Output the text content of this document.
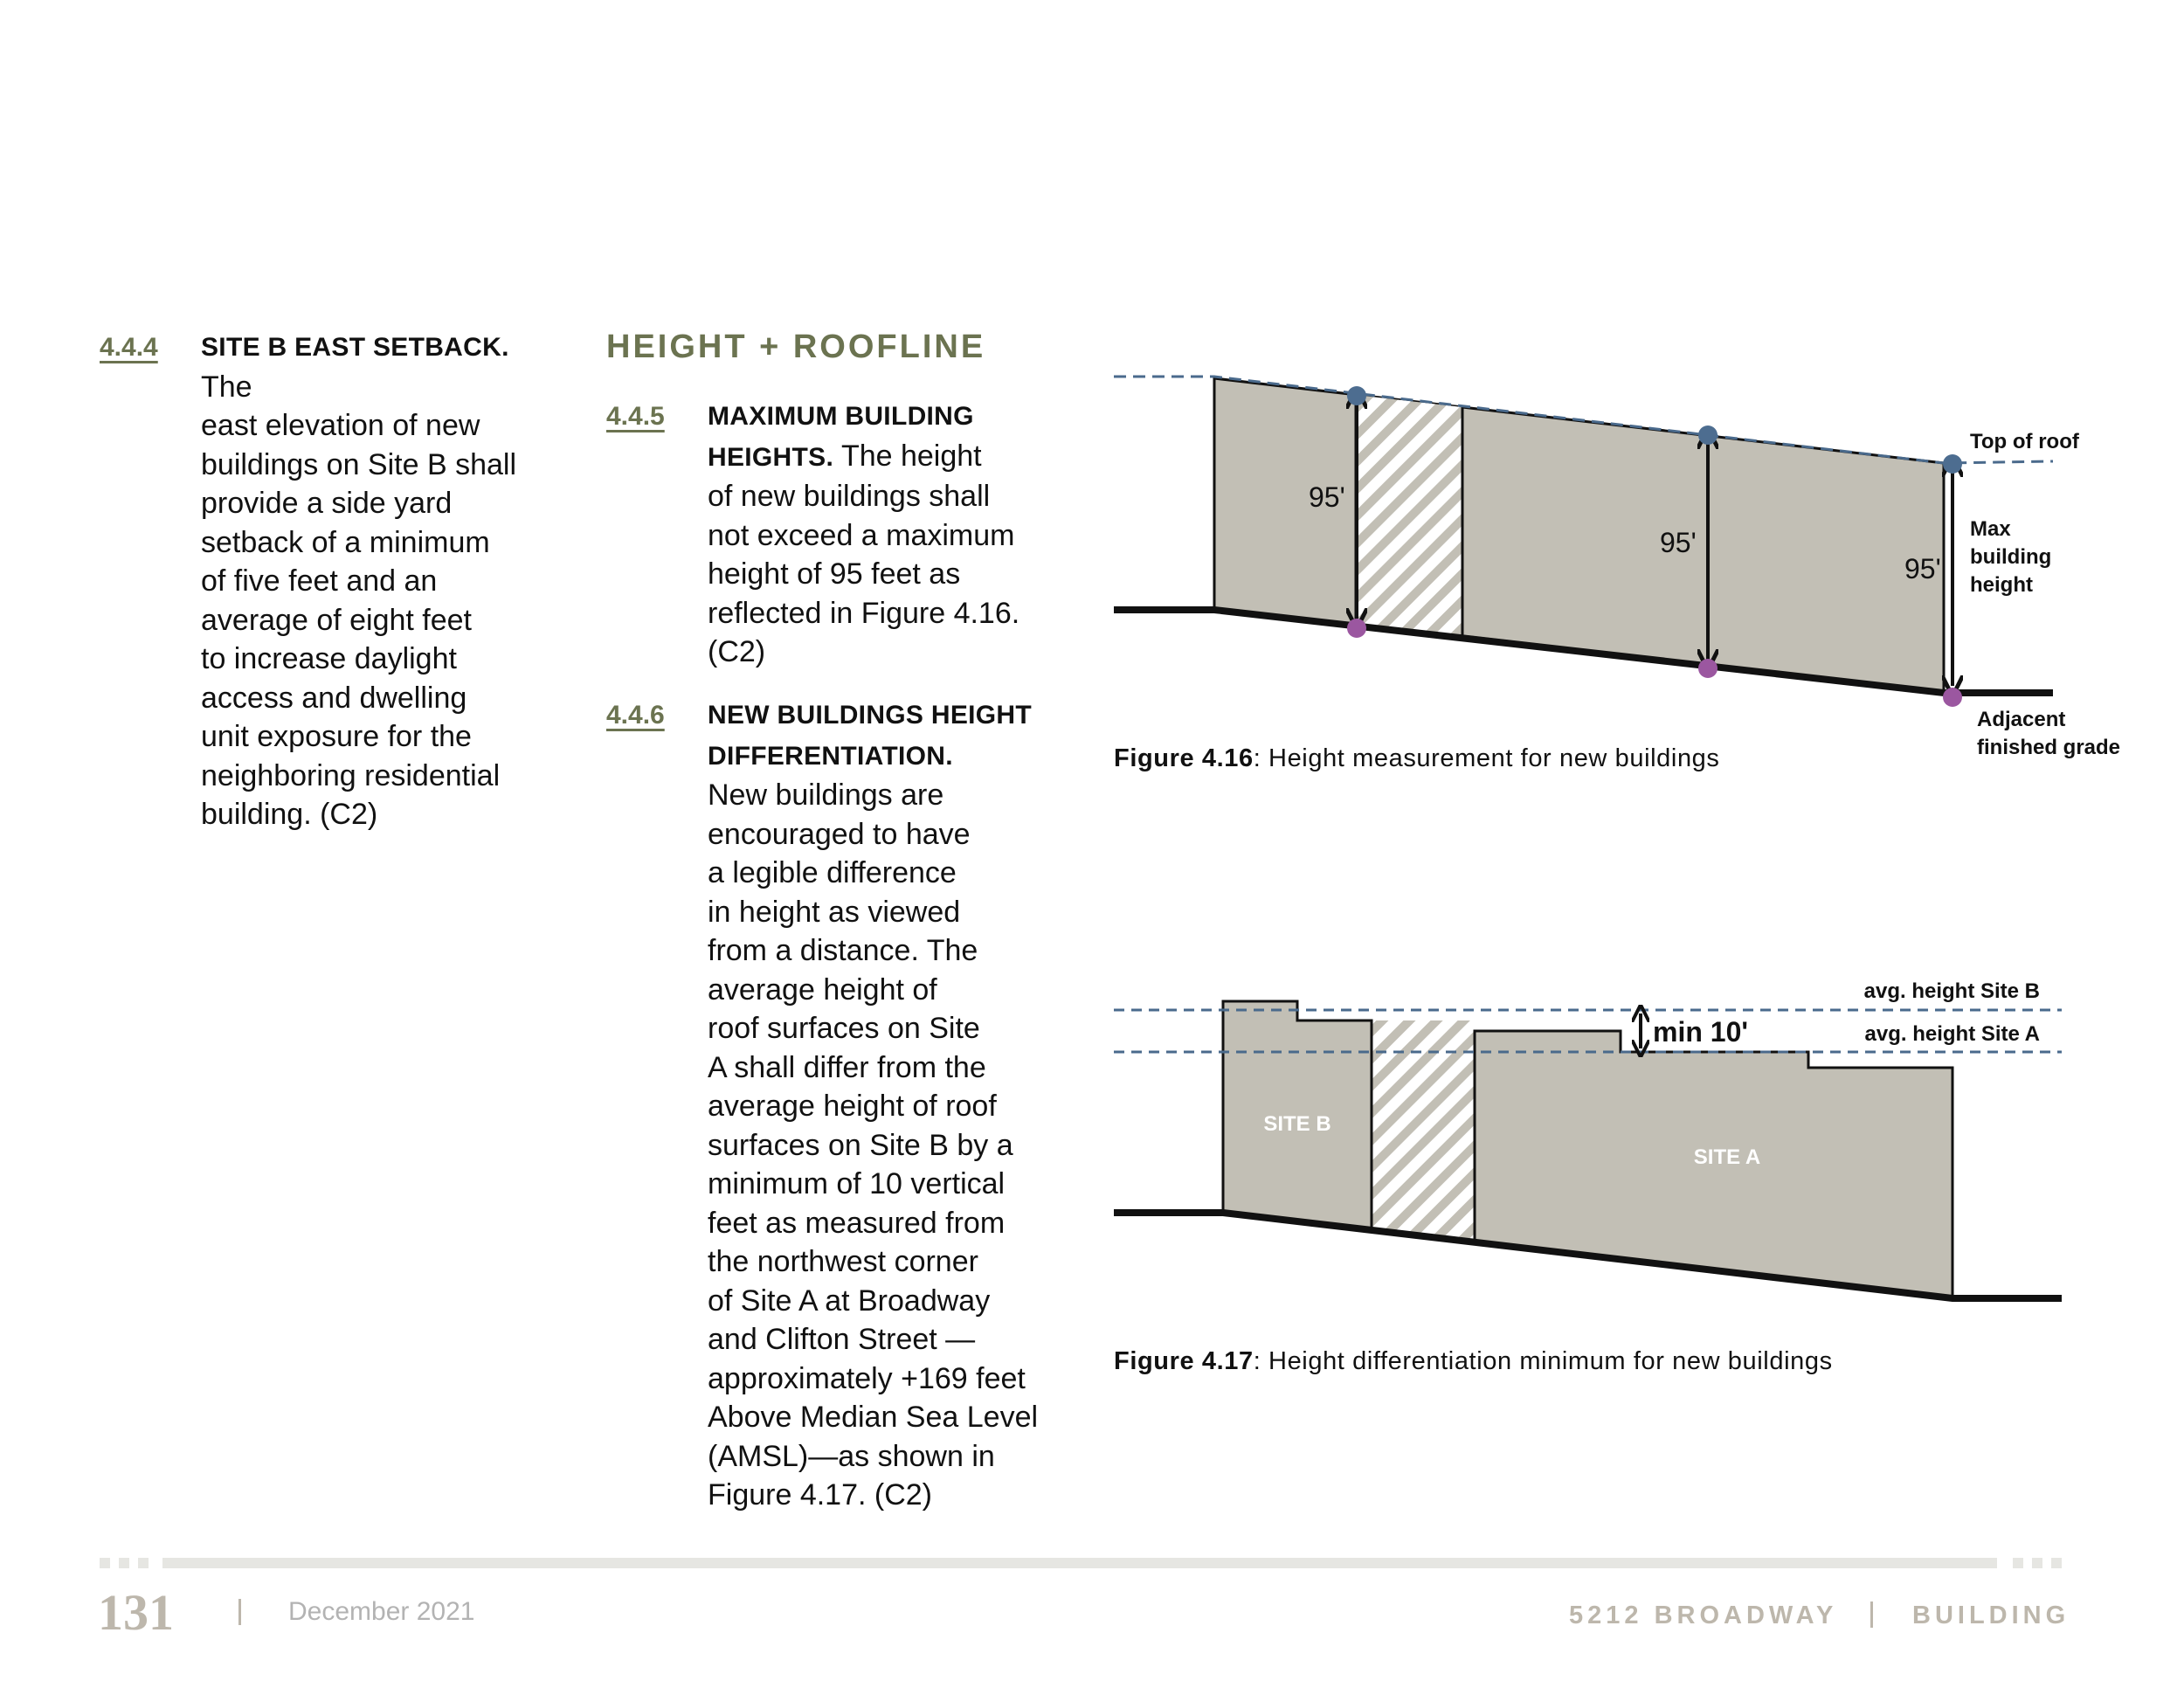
4.4.4 SITE B EAST SETBACK. The
east elevation of new
buildings on Site B shall
provide a side yard
setback of a minimum
of five feet and an
average of eight feet
to increase daylight
access and dwelling
unit exposure for the
neighboring residential
building. (C2)
HEIGHT + ROOFLINE
4.4.5 MAXIMUM BUILDING
HEIGHTS. The height
of new buildings shall
not exceed a maximum
height of 95 feet as
reflected in Figure 4.16.
(C2)
4.4.6 NEW BUILDINGS HEIGHT
DIFFERENTIATION.
New buildings are
encouraged to have
a legible difference
in height as viewed
from a distance. The
average height of
roof surfaces on Site
A shall differ from the
average height of roof
surfaces on Site B by a
minimum of 10 vertical
feet as measured from
the northwest corner
of Site A at Broadway
and Clifton Street —
approximately +169 feet
Above Median Sea Level
(AMSL)—as shown in
Figure 4.17. (C2)
95'
95'
95'
Top of roof
Max
building
height
Adjacent
finished grade
Figure 4.16: Height measurement for new buildings
min 10'
avg. height Site B
avg. height Site A
SITE B
SITE A
Figure 4.17: Height differentiation minimum for new buildings
131	December 2021	5212 BROADWAY	BUILDING
